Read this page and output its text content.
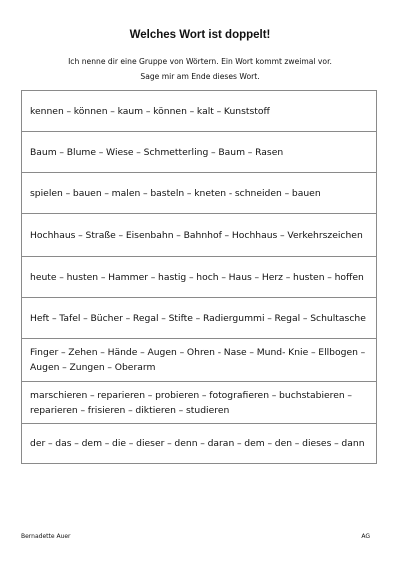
Welches Wort ist doppelt!

Ich nenne dir eine Gruppe von Wörtern. Ein Wort kommt zweimal vor.

Sage mir am Ende dieses Wort.

kennen – können – kaum – können – kalt – Kunststoff
Baum – Blume – Wiese – Schmetterling – Baum – Rasen
spielen – bauen – malen – basteln – kneten - schneiden – bauen
Hochhaus – Straße – Eisenbahn – Bahnhof – Hochhaus – Verkehrszeichen
heute – husten – Hammer – hastig – hoch – Haus – Herz – husten – hoffen
Heft – Tafel – Bücher – Regal – Stifte – Radiergummi – Regal – Schultasche
Finger – Zehen – Hände – Augen – Ohren - Nase – Mund- Knie – Ellbogen – Augen – Zungen – Oberarm
marschieren – reparieren – probieren – fotografieren – buchstabieren – reparieren – frisieren – diktieren – studieren
der – das – dem – die – dieser – denn – daran – dem – den – dieses – dann

Bernadette Auer	AG
